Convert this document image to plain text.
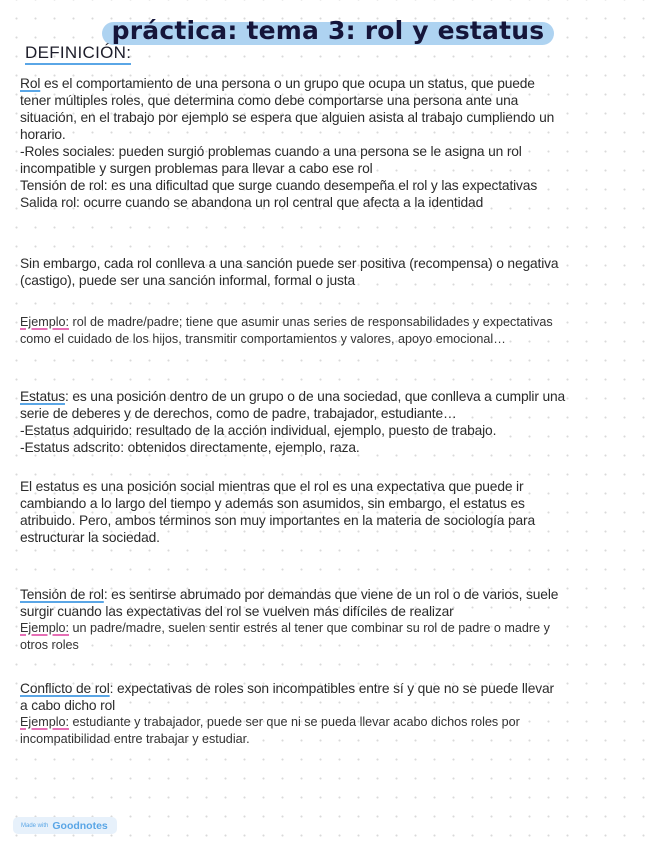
práctica: tema 3: rol y estatus
DEFINICIÓN:
Rol es el comportamiento de una persona o un grupo que ocupa un status, que puede
tener múltiples roles, que determina como debe comportarse una persona ante una
situación, en el trabajo por ejemplo se espera que alguien asista al trabajo cumpliendo un
horario.
-Roles sociales: pueden surgió problemas cuando a una persona se le asigna un rol
incompatible y surgen problemas para llevar a cabo ese rol
Tensión de rol: es una dificultad que surge cuando desempeña el rol y las expectativas
Salida rol: ocurre cuando se abandona un rol central que afecta a la identidad
Sin embargo, cada rol conlleva a una sanción puede ser positiva (recompensa) o negativa
(castigo), puede ser una sanción informal, formal o justa
Ejemplo: rol de madre/padre; tiene que asumir unas series de responsabilidades y expectativas
como el cuidado de los hijos, transmitir comportamientos y valores, apoyo emocional…
Estatus: es una posición dentro de un grupo o de una sociedad, que conlleva a cumplir una
serie de deberes y de derechos, como de padre, trabajador, estudiante…
-Estatus adquirido: resultado de la acción individual, ejemplo, puesto de trabajo.
-Estatus adscrito: obtenidos directamente, ejemplo, raza.
El estatus es una posición social mientras que el rol es una expectativa que puede ir
cambiando a lo largo del tiempo y además son asumidos, sin embargo, el estatus es
atribuido. Pero, ambos términos son muy importantes en la materia de sociología para
estructurar la sociedad.
Tensión de rol: es sentirse abrumado por demandas que viene de un rol o de varios, suele
surgir cuando las expectativas del rol se vuelven más difíciles de realizar
Ejemplo: un padre/madre, suelen sentir estrés al tener que combinar su rol de padre o madre y
otros roles
Conflicto de rol: expectativas de roles son incompatibles entre sí y que no se puede llevar
a cabo dicho rol
Ejemplo: estudiante y trabajador, puede ser que ni se pueda llevar acabo dichos roles por
incompatibilidad entre trabajar y estudiar.
Made with Goodnotes
